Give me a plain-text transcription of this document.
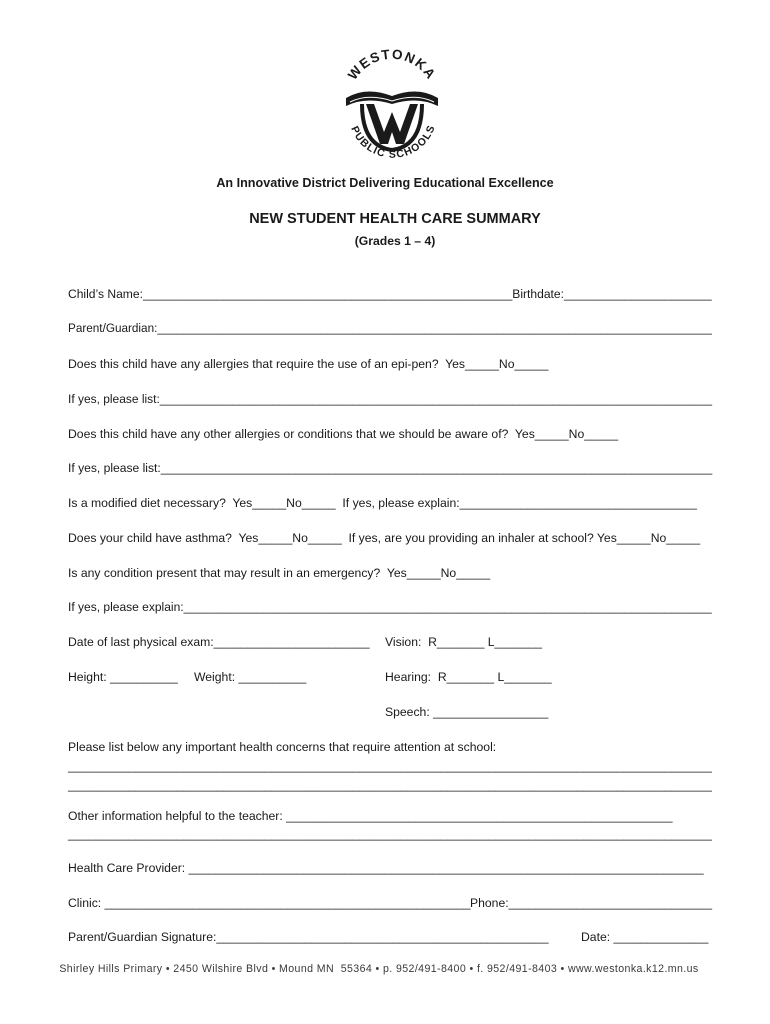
WESTONKA
PUBLIC SCHOOLS
An Innovative District Delivering Educational Excellence
NEW STUDENT HEALTH CARE SUMMARY
(Grades 1 – 4)
Child’s Name:_______________________________________________________Birthdate:______________________
Parent/Guardian:_____________________________________________________________________________________
Does this child have any allergies that require the use of an epi-pen?  Yes_____No_____
If yes, please list:___________________________________________________________________________________
Does this child have any other allergies or conditions that we should be aware of?  Yes_____No_____
If yes, please list:__________________________________________________________________________________
Is a modified diet necessary?  Yes_____No_____  If yes, please explain:___________________________________
Does your child have asthma?  Yes_____No_____  If yes, are you providing an inhaler at school? Yes_____No_____
Is any condition present that may result in an emergency?  Yes_____No_____
If yes, please explain:_______________________________________________________________________________
Date of last physical exam:_______________________ Vision:  R_______ L_______
Height: __________ Weight: __________	Hearing:  R_______ L_______
Speech: _________________
Please list below any important health concerns that require attention at school:
_______________________________________________________________________________________________
_______________________________________________________________________________________________
Other information helpful to the teacher: _________________________________________________________
_______________________________________________________________________________________________
Health Care Provider: ____________________________________________________________________________
Clinic: ______________________________________________________ Phone:______________________________
Parent/Guardian Signature:_________________________________________________	Date: ______________
Shirley Hills Primary • 2450 Wilshire Blvd • Mound MN  55364 • p. 952/491-8400 • f. 952/491-8403 • www.westonka.k12.mn.us
